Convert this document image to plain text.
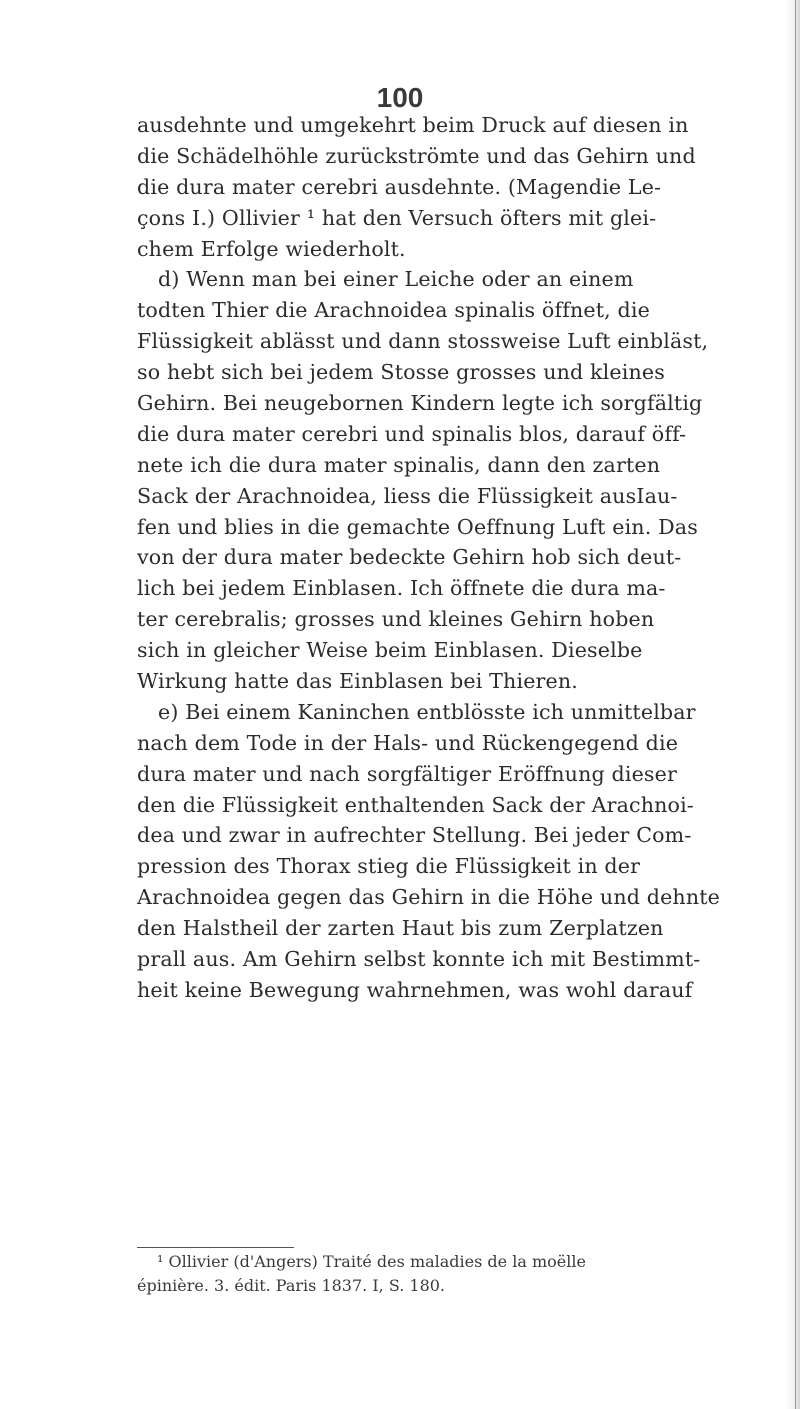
100
ausdehnte und umgekehrt beim Druck auf diesen in
die Schädelhöhle zurückströmte und das Gehirn und
die dura mater cerebri ausdehnte. (Magendie Le-
çons I.) Ollivier ¹ hat den Versuch öfters mit glei-
chem Erfolge wiederholt.
d) Wenn man bei einer Leiche oder an einem
todten Thier die Arachnoidea spinalis öffnet, die
Flüssigkeit ablässt und dann stossweise Luft einbläst,
so hebt sich bei jedem Stosse grosses und kleines
Gehirn. Bei neugebornen Kindern legte ich sorgfältig
die dura mater cerebri und spinalis blos, darauf öff-
nete ich die dura mater spinalis, dann den zarten
Sack der Arachnoidea, liess die Flüssigkeit ausIau-
fen und blies in die gemachte Oeffnung Luft ein. Das
von der dura mater bedeckte Gehirn hob sich deut-
lich bei jedem Einblasen. Ich öffnete die dura ma-
ter cerebralis; grosses und kleines Gehirn hoben
sich in gleicher Weise beim Einblasen. Dieselbe
Wirkung hatte das Einblasen bei Thieren.
e) Bei einem Kaninchen entblösste ich unmittelbar
nach dem Tode in der Hals- und Rückengegend die
dura mater und nach sorgfältiger Eröffnung dieser
den die Flüssigkeit enthaltenden Sack der Arachnoi-
dea und zwar in aufrechter Stellung. Bei jeder Com-
pression des Thorax stieg die Flüssigkeit in der
Arachnoidea gegen das Gehirn in die Höhe und dehnte
den Halstheil der zarten Haut bis zum Zerplatzen
prall aus. Am Gehirn selbst konnte ich mit Bestimmt-
heit keine Bewegung wahrnehmen, was wohl darauf
¹ Ollivier (d'Angers) Traité des maladies de la moëlle
épinière. 3. édit. Paris 1837. I, S. 180.
